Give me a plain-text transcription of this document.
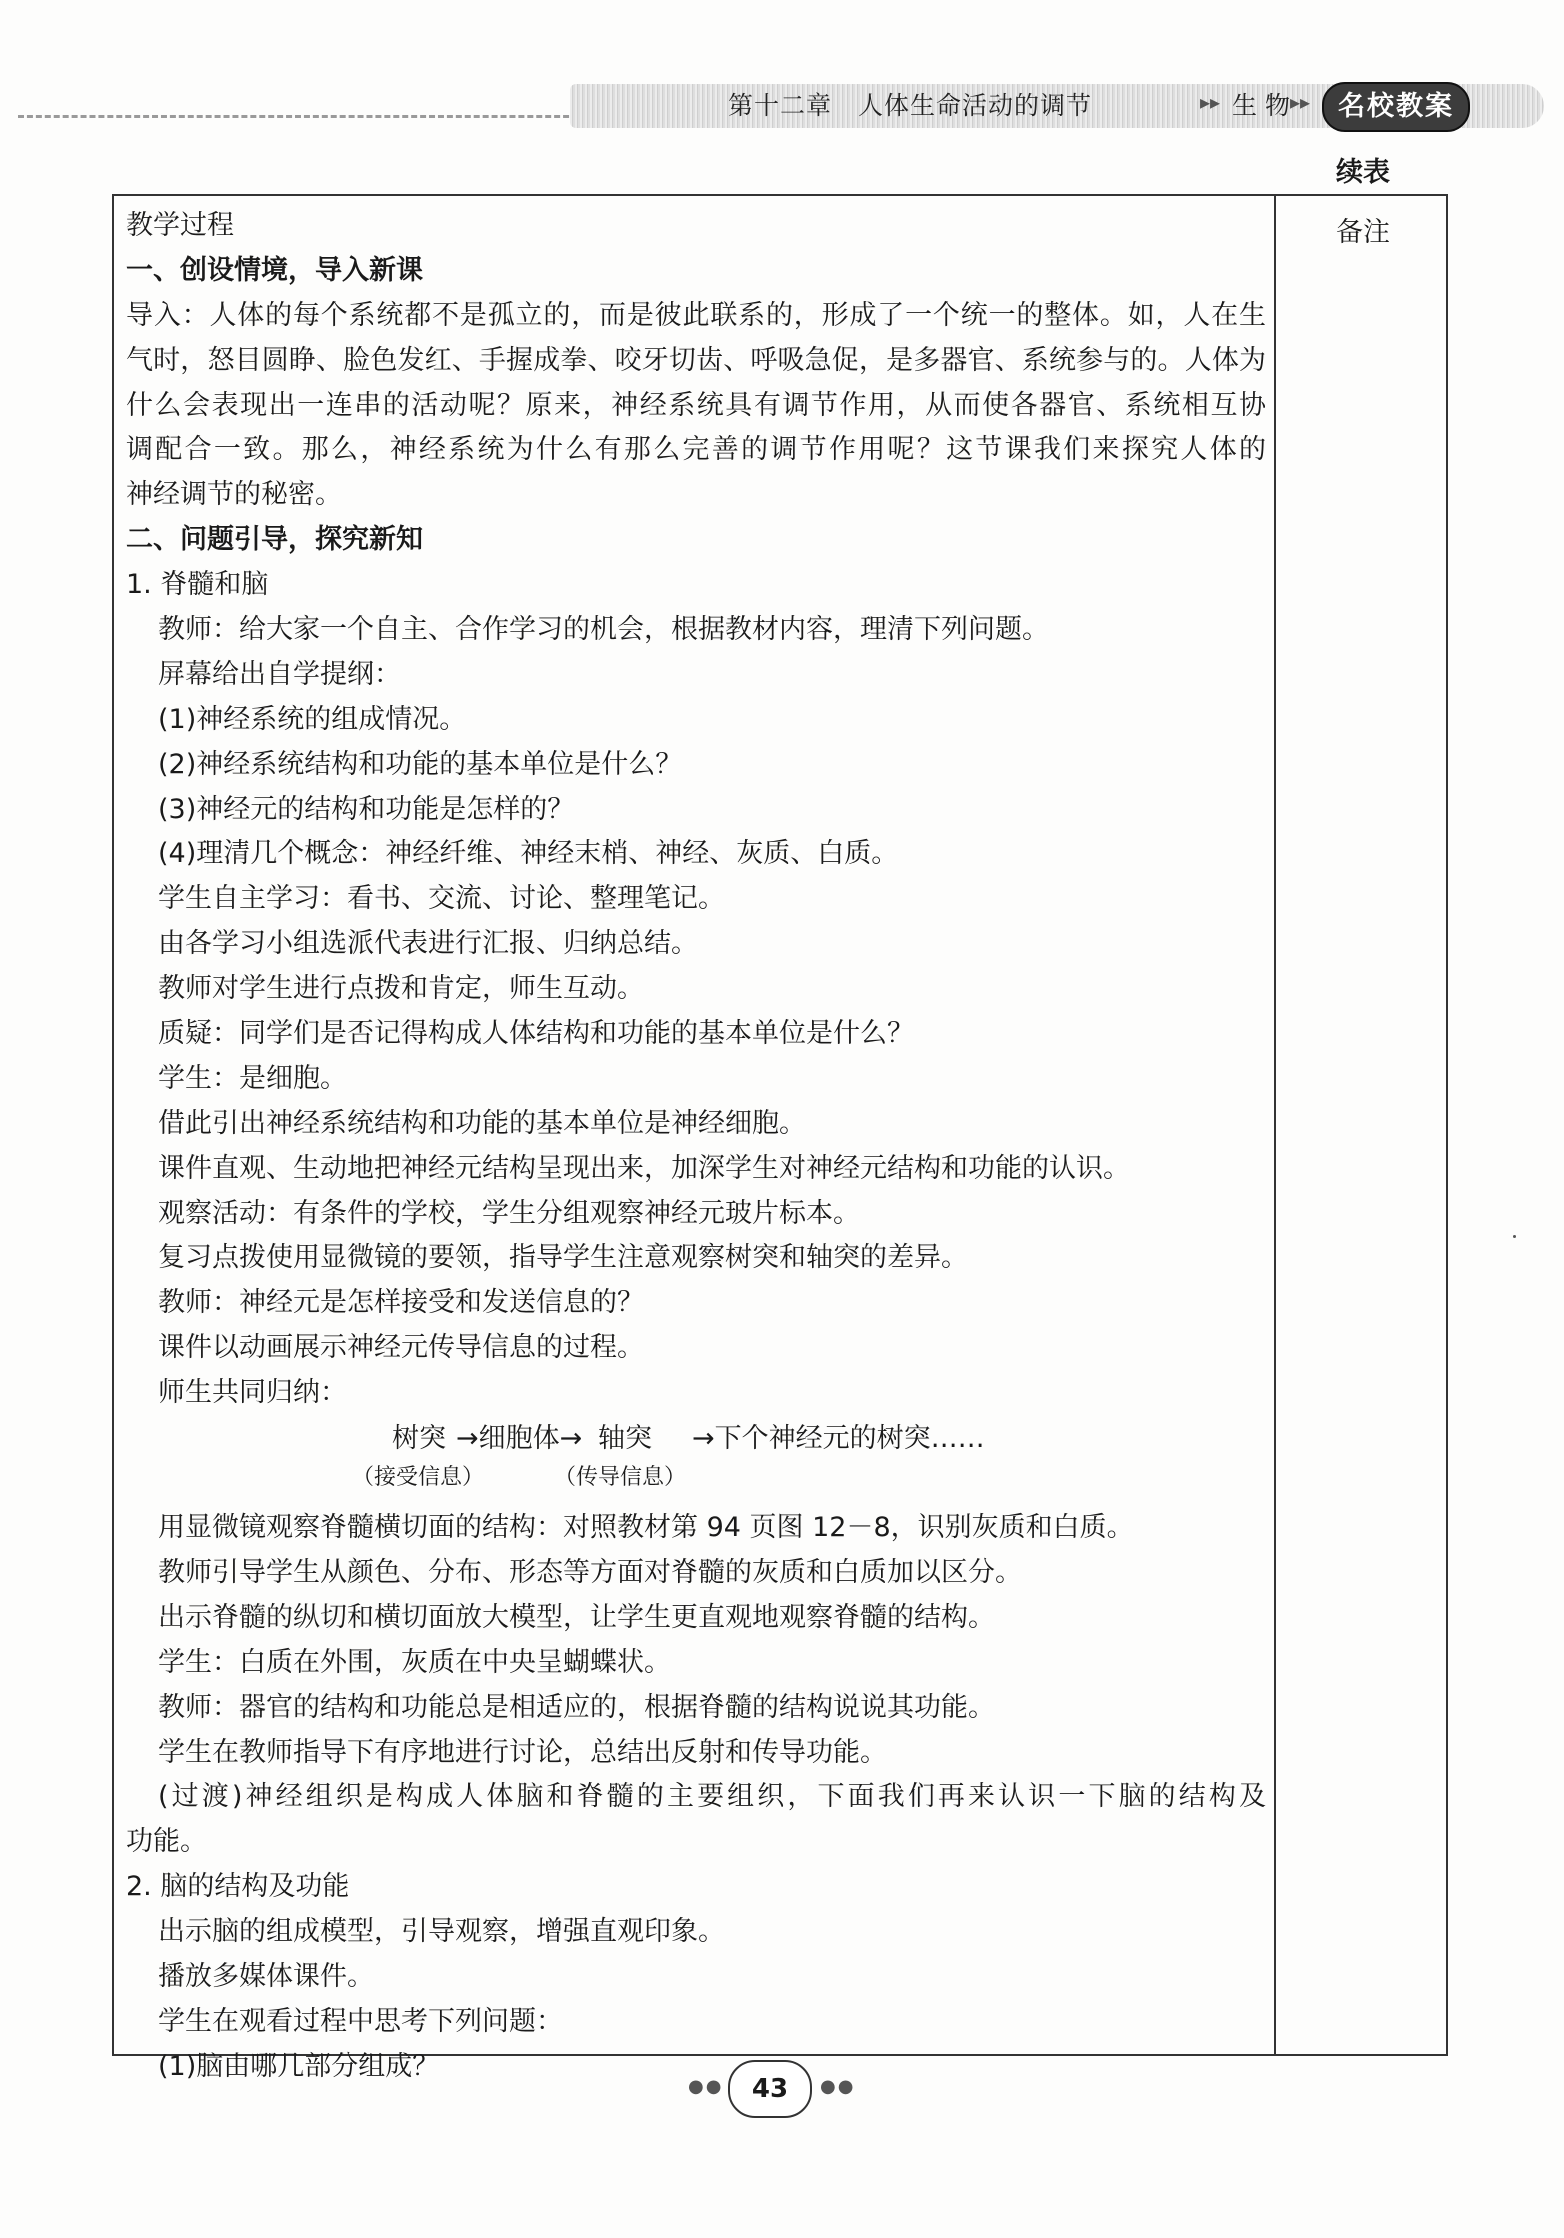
第十二章　人体生命活动的调节	▸▸ 生 物 ▸▸	名校教案
续表
备注
教学过程
一、创设情境，导入新课
导入：人体的每个系统都不是孤立的，而是彼此联系的，形成了一个统一的整体。如，人在生
气时，怒目圆睁、脸色发红、手握成拳、咬牙切齿、呼吸急促，是多器官、系统参与的。人体为
什么会表现出一连串的活动呢？原来，神经系统具有调节作用，从而使各器官、系统相互协
调配合一致。那么，神经系统为什么有那么完善的调节作用呢？这节课我们来探究人体的
神经调节的秘密。
二、问题引导，探究新知
1. 脊髓和脑
教师：给大家一个自主、合作学习的机会，根据教材内容，理清下列问题。
屏幕给出自学提纲：
(1)神经系统的组成情况。
(2)神经系统结构和功能的基本单位是什么？
(3)神经元的结构和功能是怎样的？
(4)理清几个概念：神经纤维、神经末梢、神经、灰质、白质。
学生自主学习：看书、交流、讨论、整理笔记。
由各学习小组选派代表进行汇报、归纳总结。
教师对学生进行点拨和肯定，师生互动。
质疑：同学们是否记得构成人体结构和功能的基本单位是什么？
学生：是细胞。
借此引出神经系统结构和功能的基本单位是神经细胞。
课件直观、生动地把神经元结构呈现出来，加深学生对神经元结构和功能的认识。
观察活动：有条件的学校，学生分组观察神经元玻片标本。
复习点拨使用显微镜的要领，指导学生注意观察树突和轴突的差异。
教师：神经元是怎样接受和发送信息的？
课件以动画展示神经元传导信息的过程。
师生共同归纳：
树突 →细胞体→ 轴突 →下个神经元的树突……
（接受信息）	（传导信息）
用显微镜观察脊髓横切面的结构：对照教材第 94 页图 12－8，识别灰质和白质。
教师引导学生从颜色、分布、形态等方面对脊髓的灰质和白质加以区分。
出示脊髓的纵切和横切面放大模型，让学生更直观地观察脊髓的结构。
学生：白质在外围，灰质在中央呈蝴蝶状。
教师：器官的结构和功能总是相适应的，根据脊髓的结构说说其功能。
学生在教师指导下有序地进行讨论，总结出反射和传导功能。
(过渡)神经组织是构成人体脑和脊髓的主要组织，下面我们再来认识一下脑的结构及
功能。
2. 脑的结构及功能
出示脑的组成模型，引导观察，增强直观印象。
播放多媒体课件。
学生在观看过程中思考下列问题：
(1)脑由哪几部分组成？
●●	43	●●
